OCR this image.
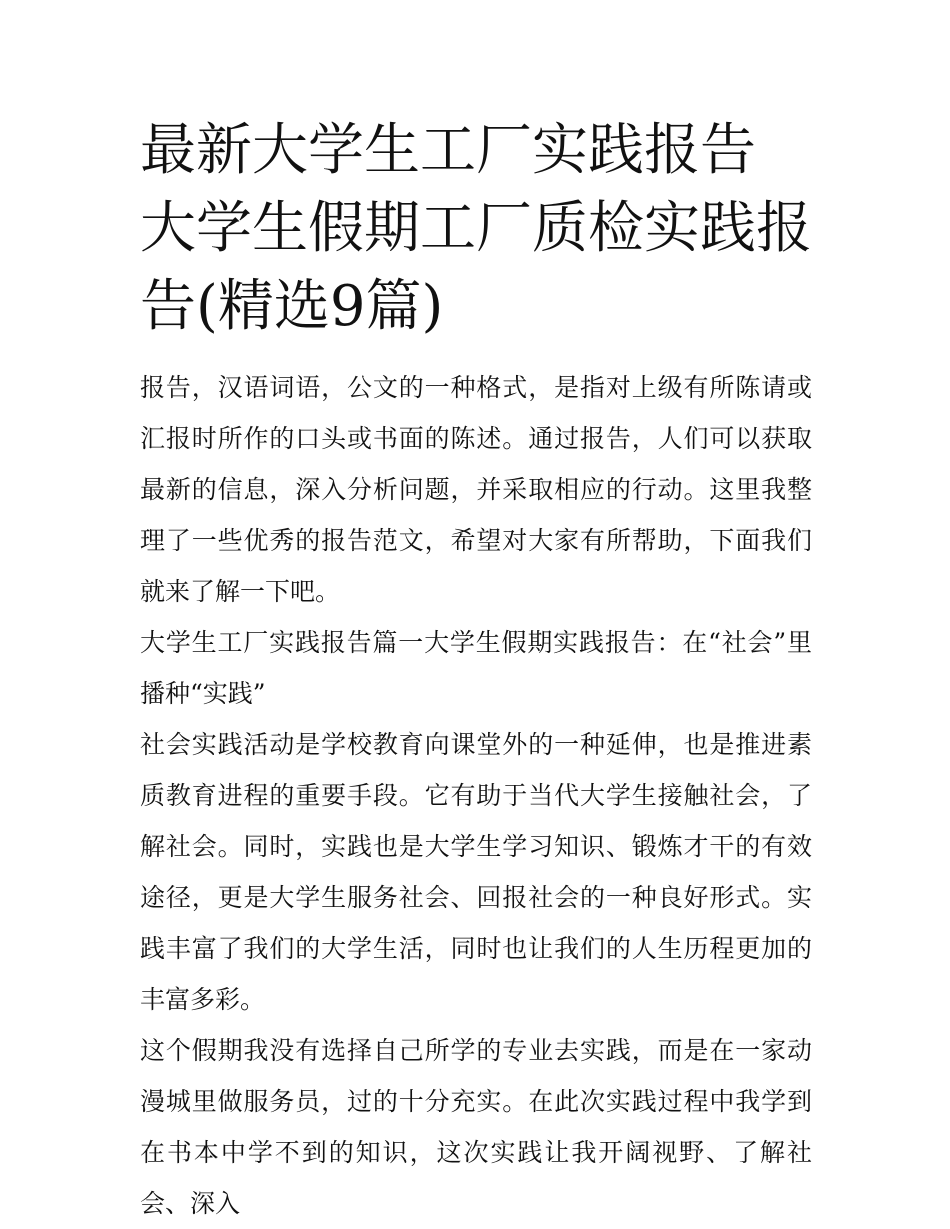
最新大学生工厂实践报告 大学生假期工厂质检实践报告(精选9篇)

报告，汉语词语，公文的一种格式，是指对上级有所陈请或汇报时所作的口头或书面的陈述。通过报告，人们可以获取最新的信息，深入分析问题，并采取相应的行动。这里我整理了一些优秀的报告范文，希望对大家有所帮助，下面我们就来了解一下吧。

大学生工厂实践报告篇一大学生假期实践报告：在“社会”里播种“实践”

社会实践活动是学校教育向课堂外的一种延伸，也是推进素质教育进程的重要手段。它有助于当代大学生接触社会，了解社会。同时，实践也是大学生学习知识、锻炼才干的有效途径，更是大学生服务社会、回报社会的一种良好形式。实践丰富了我们的大学生活，同时也让我们的人生历程更加的丰富多彩。

这个假期我没有选择自己所学的专业去实践，而是在一家动漫城里做服务员，过的十分充实。在此次实践过程中我学到在书本中学不到的知识，这次实践让我开阔视野、了解社会、深入
